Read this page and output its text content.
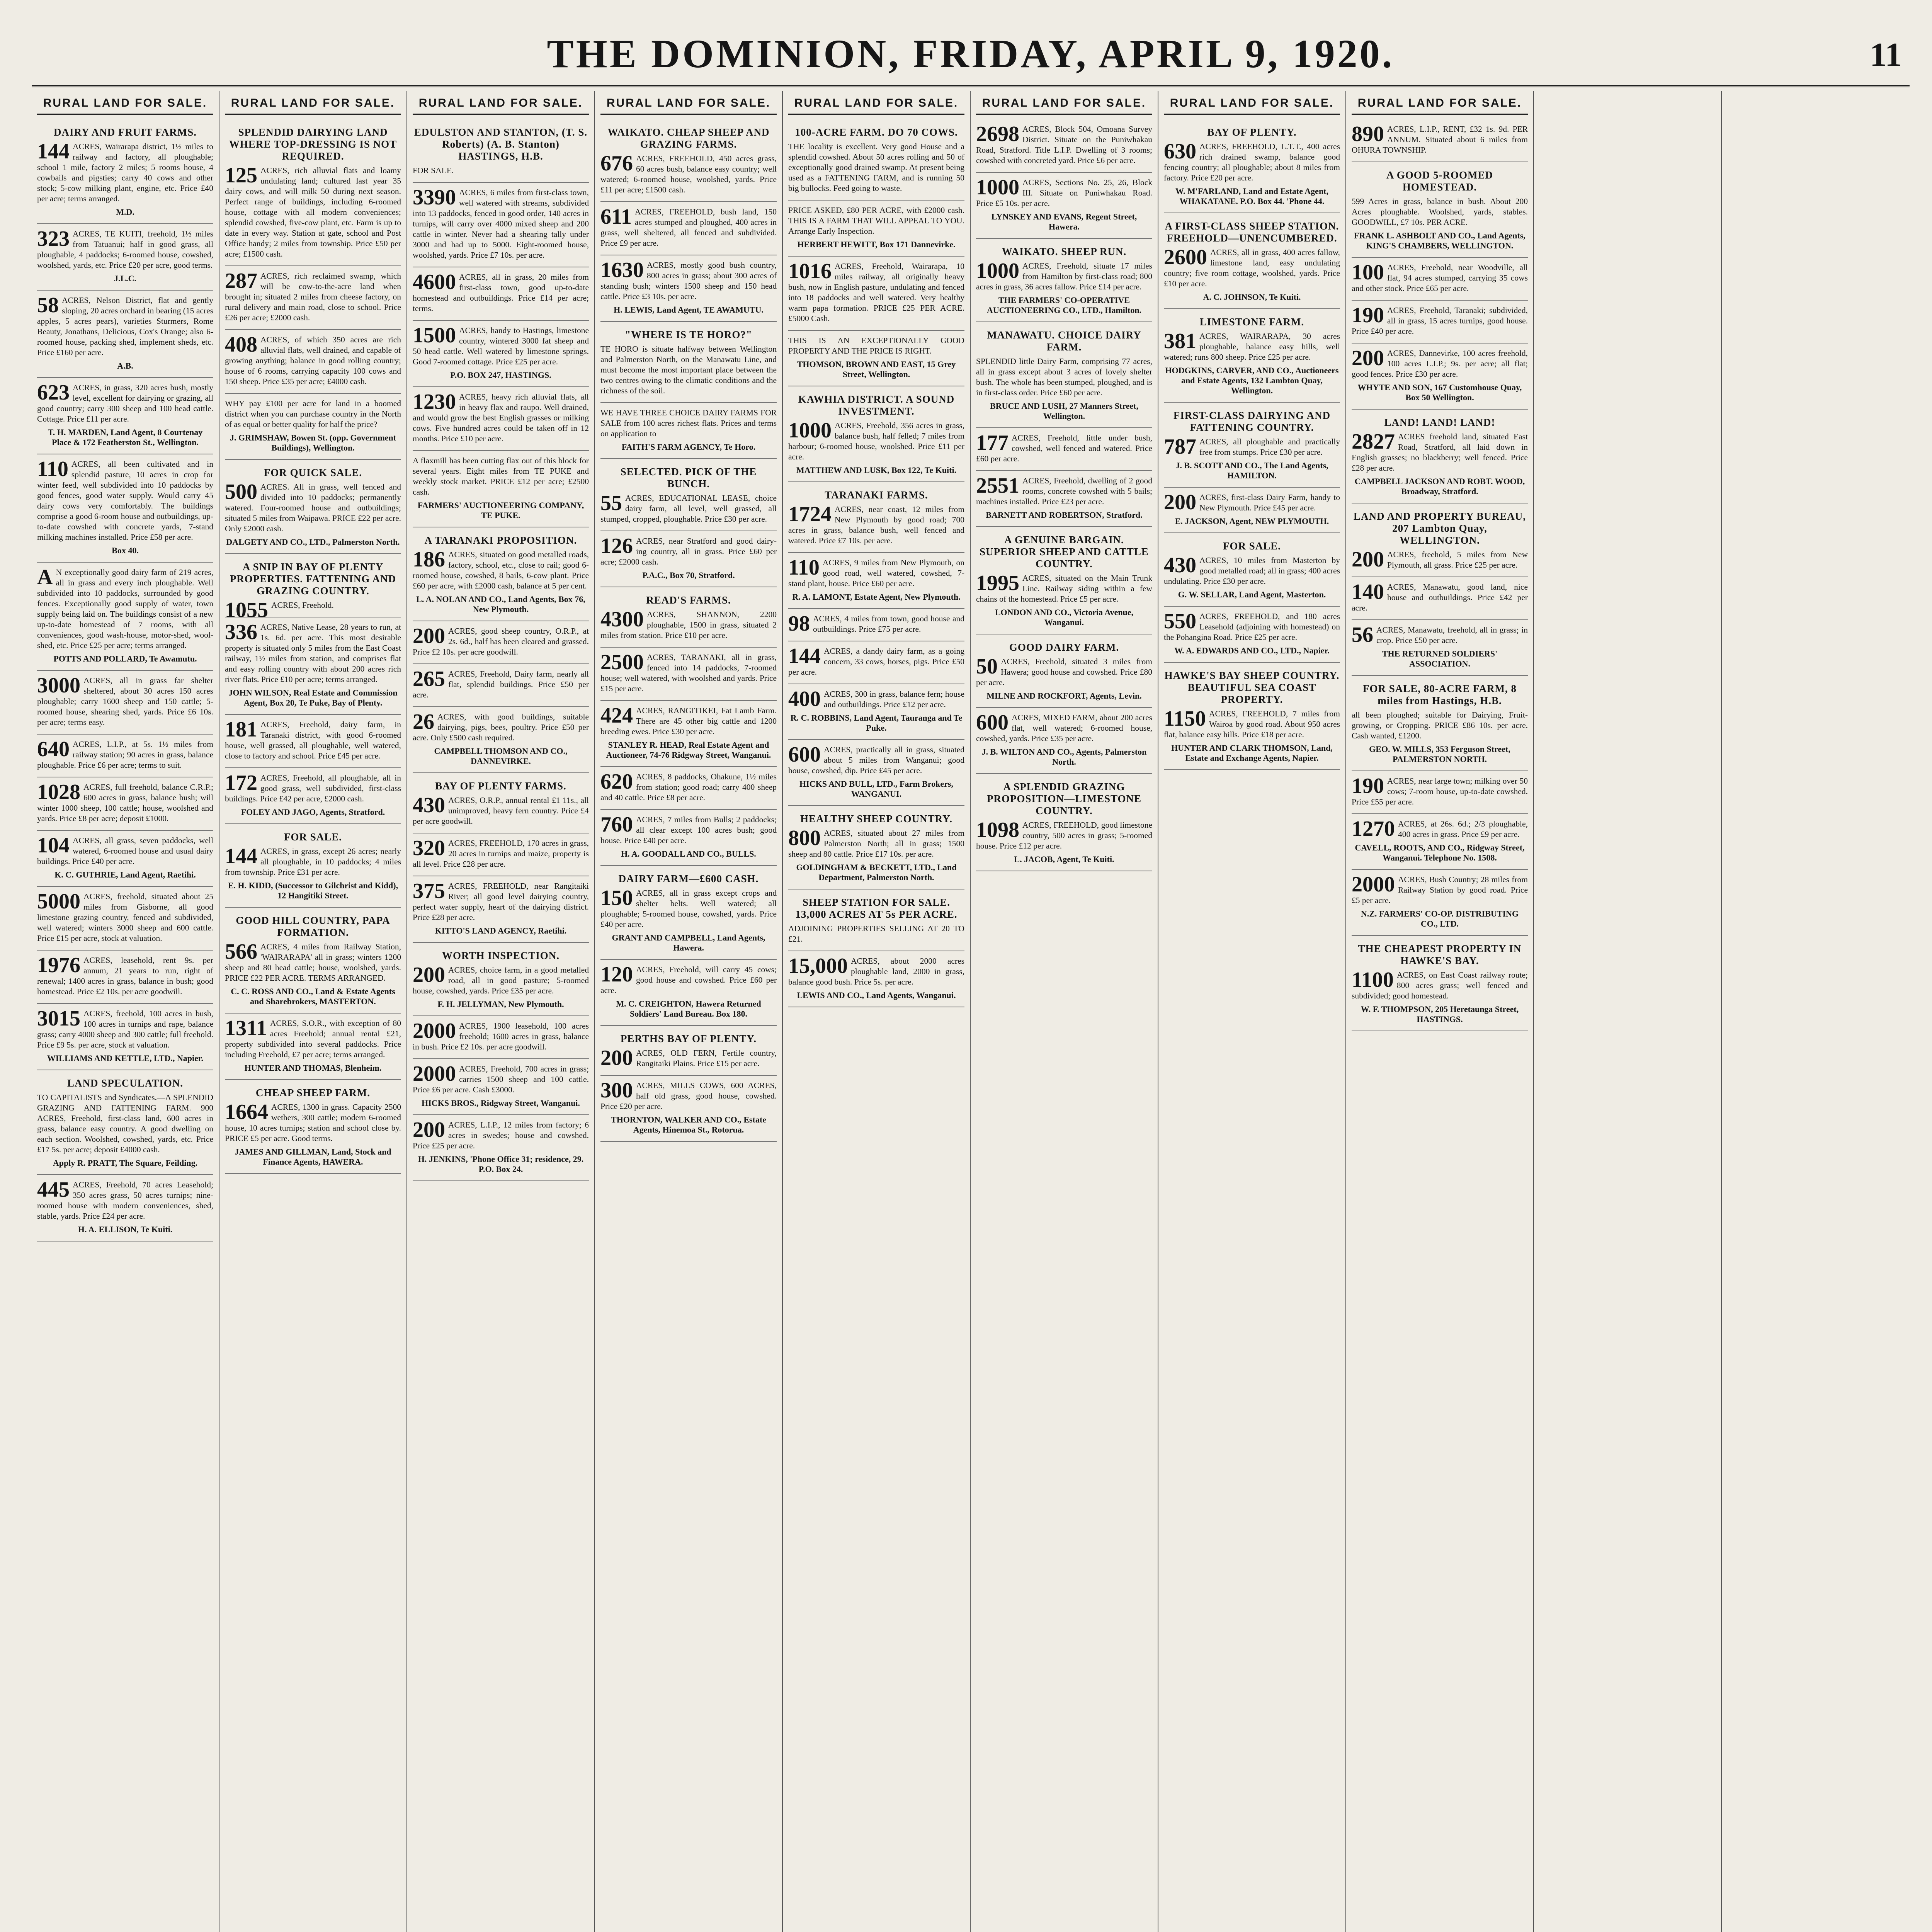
THE DOMINION, FRIDAY, APRIL 9, 1920.	11
RURAL LAND FOR SALE.
DAIRY AND FRUIT FARMS.
144 ACRES, Wairarapa district, 1½ miles to railway and factory, all ploughable; school 1 mile, factory 2 miles; 5 rooms house, 4 cowbails and pigsties; carry 40 cows and other stock; 5-cow milking plant, engine, etc. Price £40 per acre; terms arranged.
M.D.
323 ACRES, TE KUITI, freehold, 1½ miles from Tatuanui; half in good grass, all ploughable, 4 paddocks; 6-roomed house, cowshed, woolshed, yards, etc. Price £20 per acre, good terms.
J.L.C.
58 ACRES, Nelson District, flat and gently sloping, 20 acres orchard in bearing (15 acres apples, 5 acres pears), varieties Sturmers, Rome Beauty, Jonathans, Delicious, Cox's Orange; also 6-roomed house, packing shed, implement sheds, etc. Price £160 per acre.
A.B.
623 ACRES, in grass, 320 acres bush, mostly level, excellent for dairying or grazing, all good country; carry 300 sheep and 100 head cattle. Cottage. Price £11 per acre.
T. H. MARDEN, Land Agent, 8 Courtenay Place & 172 Featherston St., Wellington.
110 ACRES, all been cultivated and in splendid pasture, 10 acres in crop for winter feed, well subdivided into 10 paddocks by good fences, good water supply. Would carry 45 dairy cows very comfortably. The buildings comprise a good 6-room house and outbuildings, up-to-date cowshed with concrete yards, 7-stand milking machines installed. Price £58 per acre.
Box 40.
A N exceptionally good dairy farm of 219 acres, all in grass and every inch ploughable. Well subdivided into 10 paddocks, surrounded by good fences. Exceptionally good supply of water, town supply being laid on. The buildings consist of a new up-to-date homestead of 7 rooms, with all conveniences, good wash-house, motor-shed, wool-shed, etc. Price £25 per acre; terms arranged.
POTTS AND POLLARD, Te Awamutu.
3000 ACRES, all in grass far shelter sheltered, about 30 acres 150 acres ploughable; carry 1600 sheep and 150 cattle; 5-roomed house, shearing shed, yards. Price £6 10s. per acre; terms easy.
640 ACRES, L.I.P., at 5s. 1½ miles from railway station; 90 acres in grass, balance ploughable. Price £6 per acre; terms to suit.
1028 ACRES, full freehold, balance C.R.P.; 600 acres in grass, balance bush; will winter 1000 sheep, 100 cattle; house, woolshed and yards. Price £8 per acre; deposit £1000.
104 ACRES, all grass, seven paddocks, well watered, 6-roomed house and usual dairy buildings. Price £40 per acre.
K. C. GUTHRIE, Land Agent, Raetihi.
5000 ACRES, freehold, situated about 25 miles from Gisborne, all good limestone grazing country, fenced and subdivided, well watered; winters 3000 sheep and 600 cattle. Price £15 per acre, stock at valuation.
1976 ACRES, leasehold, rent 9s. per annum, 21 years to run, right of renewal; 1400 acres in grass, balance in bush; good homestead. Price £2 10s. per acre goodwill.
3015 ACRES, freehold, 100 acres in bush, 100 acres in turnips and rape, balance grass; carry 4000 sheep and 300 cattle; full freehold. Price £9 5s. per acre, stock at valuation.
WILLIAMS AND KETTLE, LTD., Napier.
LAND SPECULATION.
TO CAPITALISTS and Syndicates.—A SPLENDID GRAZING AND FATTENING FARM. 900 ACRES, Freehold, first-class land, 600 acres in grass, balance easy country. A good dwelling on each section. Woolshed, cowshed, yards, etc. Price £17 5s. per acre; deposit £4000 cash.
Apply R. PRATT, The Square, Feilding.
445 ACRES, Freehold, 70 acres Leasehold; 350 acres grass, 50 acres turnips; nine-roomed house with modern conveniences, shed, stable, yards. Price £24 per acre.
H. A. ELLISON, Te Kuiti.
RURAL LAND FOR SALE.
SPLENDID DAIRYING LAND WHERE TOP-DRESSING IS NOT REQUIRED.
125 ACRES, rich alluvial flats and loamy undulating land; cultured last year 35 dairy cows, and will milk 50 during next season. Perfect range of buildings, including 6-roomed house, cottage with all modern conveniences; splendid cowshed, five-cow plant, etc. Farm is up to date in every way. Station at gate, school and Post Office handy; 2 miles from township. Price £50 per acre; £1500 cash.
287 ACRES, rich reclaimed swamp, which will be cow-to-the-acre land when brought in; situated 2 miles from cheese factory, on rural delivery and main road, close to school. Price £26 per acre; £2000 cash.
408 ACRES, of which 350 acres are rich alluvial flats, well drained, and capable of growing anything; balance in good rolling country; house of 6 rooms, carrying capacity 100 cows and 150 sheep. Price £35 per acre; £4000 cash.
WHY pay £100 per acre for land in a boomed district when you can purchase country in the North of as equal or better quality for half the price?
J. GRIMSHAW, Bowen St. (opp. Government Buildings), Wellington.
FOR QUICK SALE.
500 ACRES. All in grass, well fenced and divided into 10 paddocks; permanently watered. Four-roomed house and outbuildings; situated 5 miles from Waipawa. PRICE £22 per acre. Only £2000 cash.
DALGETY AND CO., LTD., Palmerston North.
A SNIP IN BAY OF PLENTY PROPERTIES. FATTENING AND GRAZING COUNTRY.
1055 ACRES, Freehold.
336 ACRES, Native Lease, 28 years to run, at 1s. 6d. per acre. This most desirable property is situated only 5 miles from the East Coast railway, 1½ miles from station, and comprises flat and easy rolling country with about 200 acres rich river flats. Price £10 per acre; terms arranged.
JOHN WILSON, Real Estate and Commission Agent, Box 20, Te Puke, Bay of Plenty.
181 ACRES, Freehold, dairy farm, in Taranaki district, with good 6-roomed house, well grassed, all ploughable, well watered, close to factory and school. Price £45 per acre.
172 ACRES, Freehold, all ploughable, all in good grass, well subdivided, first-class buildings. Price £42 per acre, £2000 cash.
FOLEY AND JAGO, Agents, Stratford.
FOR SALE.
144 ACRES, in grass, except 26 acres; nearly all ploughable, in 10 paddocks; 4 miles from township. Price £31 per acre.
E. H. KIDD, (Successor to Gilchrist and Kidd), 12 Hangitiki Street.
GOOD HILL COUNTRY, PAPA FORMATION.
566 ACRES, 4 miles from Railway Station, 'WAIRARAPA' all in grass; winters 1200 sheep and 80 head cattle; house, woolshed, yards. PRICE £22 PER ACRE. TERMS ARRANGED.
C. C. ROSS AND CO., Land & Estate Agents and Sharebrokers, MASTERTON.
1311 ACRES, S.O.R., with exception of 80 acres Freehold; annual rental £21, property subdivided into several paddocks. Price including Freehold, £7 per acre; terms arranged.
HUNTER AND THOMAS, Blenheim.
CHEAP SHEEP FARM.
1664 ACRES, 1300 in grass. Capacity 2500 wethers, 300 cattle; modern 6-roomed house, 10 acres turnips; station and school close by. PRICE £5 per acre. Good terms.
JAMES AND GILLMAN, Land, Stock and Finance Agents, HAWERA.
RURAL LAND FOR SALE.
EDULSTON AND STANTON, (T. S. Roberts) (A. B. Stanton) HASTINGS, H.B.
FOR SALE.
3390 ACRES, 6 miles from first-class town, well watered with streams, subdivided into 13 paddocks, fenced in good order, 140 acres in turnips, will carry over 4000 mixed sheep and 200 cattle in winter. Never had a shearing tally under 3000 and had up to 5000. Eight-roomed house, woolshed, yards. Price £7 10s. per acre.
4600 ACRES, all in grass, 20 miles from first-class town, good up-to-date homestead and outbuildings. Price £14 per acre; terms.
1500 ACRES, handy to Hastings, limestone country, wintered 3000 fat sheep and 50 head cattle. Well watered by limestone springs. Good 7-roomed cottage. Price £25 per acre.
P.O. BOX 247, HASTINGS.
1230 ACRES, heavy rich alluvial flats, all in heavy flax and raupo. Well drained, and would grow the best English grasses or milking cows. Five hundred acres could be taken off in 12 months. Price £10 per acre.
A flaxmill has been cutting flax out of this block for several years. Eight miles from TE PUKE and weekly stock market. PRICE £12 per acre; £2500 cash.
FARMERS' AUCTIONEERING COMPANY, TE PUKE.
A TARANAKI PROPOSITION.
186 ACRES, situated on good metalled roads, factory, school, etc., close to rail; good 6-roomed house, cowshed, 8 bails, 6-cow plant. Price £60 per acre, with £2000 cash, balance at 5 per cent.
L. A. NOLAN AND CO., Land Agents, Box 76, New Plymouth.
200 ACRES, good sheep country, O.R.P., at 2s. 6d., half has been cleared and grassed. Price £2 10s. per acre goodwill.
265 ACRES, Freehold, Dairy farm, nearly all flat, splendid buildings. Price £50 per acre.
26 ACRES, with good buildings, suitable dairying, pigs, bees, poultry. Price £50 per acre. Only £500 cash required.
CAMPBELL THOMSON AND CO., DANNEVIRKE.
BAY OF PLENTY FARMS.
430 ACRES, O.R.P., annual rental £1 11s., all unimproved, heavy fern country. Price £4 per acre goodwill.
320 ACRES, FREEHOLD, 170 acres in grass, 20 acres in turnips and maize, property is all level. Price £28 per acre.
375 ACRES, FREEHOLD, near Rangitaiki River; all good level dairying country, perfect water supply, heart of the dairying district. Price £28 per acre.
KITTO'S LAND AGENCY, Raetihi.
WORTH INSPECTION.
200 ACRES, choice farm, in a good metalled road, all in good pasture; 5-roomed house, cowshed, yards. Price £35 per acre.
F. H. JELLYMAN, New Plymouth.
2000 ACRES, 1900 leasehold, 100 acres freehold; 1600 acres in grass, balance in bush. Price £2 10s. per acre goodwill.
2000 ACRES, Freehold, 700 acres in grass; carries 1500 sheep and 100 cattle. Price £6 per acre. Cash £3000.
HICKS BROS., Ridgway Street, Wanganui.
200 ACRES, L.I.P., 12 miles from factory; 6 acres in swedes; house and cowshed. Price £25 per acre.
H. JENKINS, 'Phone Office 31; residence, 29. P.O. Box 24.
RURAL LAND FOR SALE.
WAIKATO. CHEAP SHEEP AND GRAZING FARMS.
676 ACRES, FREEHOLD, 450 acres grass, 60 acres bush, balance easy country; well watered; 6-roomed house, woolshed, yards. Price £11 per acre; £1500 cash.
611 ACRES, FREEHOLD, bush land, 150 acres stumped and ploughed, 400 acres in grass, well sheltered, all fenced and subdivided. Price £9 per acre.
1630 ACRES, mostly good bush country, 800 acres in grass; about 300 acres of standing bush; winters 1500 sheep and 150 head cattle. Price £3 10s. per acre.
H. LEWIS, Land Agent, TE AWAMUTU.
"WHERE IS TE HORO?"
TE HORO is situate halfway between Wellington and Palmerston North, on the Manawatu Line, and must become the most important place between the two centres owing to the climatic conditions and the richness of the soil.
WE HAVE THREE CHOICE DAIRY FARMS FOR SALE from 100 acres richest flats. Prices and terms on application to
FAITH'S FARM AGENCY, Te Horo.
SELECTED. PICK OF THE BUNCH.
55 ACRES, EDUCATIONAL LEASE, choice dairy farm, all level, well grassed, all stumped, cropped, ploughable. Price £30 per acre.
126 ACRES, near Stratford and good dairy-ing country, all in grass. Price £60 per acre; £2000 cash.
P.A.C., Box 70, Stratford.
READ'S FARMS.
4300 ACRES, SHANNON, 2200 ploughable, 1500 in grass, situated 2 miles from station. Price £10 per acre.
2500 ACRES, TARANAKI, all in grass, fenced into 14 paddocks, 7-roomed house; well watered, with woolshed and yards. Price £15 per acre.
424 ACRES, RANGITIKEI, Fat Lamb Farm. There are 45 other big cattle and 1200 breeding ewes. Price £30 per acre.
STANLEY R. HEAD, Real Estate Agent and Auctioneer, 74-76 Ridgway Street, Wanganui.
620 ACRES, 8 paddocks, Ohakune, 1½ miles from station; good road; carry 400 sheep and 40 cattle. Price £8 per acre.
760 ACRES, 7 miles from Bulls; 2 paddocks; all clear except 100 acres bush; good house. Price £40 per acre.
H. A. GOODALL AND CO., BULLS.
DAIRY FARM—£600 CASH.
150 ACRES, all in grass except crops and shelter belts. Well watered; all ploughable; 5-roomed house, cowshed, yards. Price £40 per acre.
GRANT AND CAMPBELL, Land Agents, Hawera.
120 ACRES, Freehold, will carry 45 cows; good house and cowshed. Price £60 per acre.
M. C. CREIGHTON, Hawera Returned Soldiers' Land Bureau. Box 180.
PERTHS BAY OF PLENTY.
200 ACRES, OLD FERN, Fertile country, Rangitaiki Plains. Price £15 per acre.
300 ACRES, MILLS COWS, 600 ACRES, half old grass, good house, cowshed. Price £20 per acre.
THORNTON, WALKER AND CO., Estate Agents, Hinemoa St., Rotorua.
RURAL LAND FOR SALE.
100-ACRE FARM. DO 70 COWS.
THE locality is excellent. Very good House and a splendid cowshed. About 50 acres rolling and 50 of exceptionally good drained swamp. At present being used as a FATTENING FARM, and is running 50 big bullocks. Feed going to waste.
PRICE ASKED, £80 PER ACRE, with £2000 cash. THIS IS A FARM THAT WILL APPEAL TO YOU. Arrange Early Inspection.
HERBERT HEWITT, Box 171 Dannevirke.
1016 ACRES, Freehold, Wairarapa, 10 miles railway, all originally heavy bush, now in English pasture, undulating and fenced into 18 paddocks and well watered. Very healthy warm papa formation. PRICE £25 PER ACRE. £5000 Cash.
THIS IS AN EXCEPTIONALLY GOOD PROPERTY AND THE PRICE IS RIGHT.
THOMSON, BROWN AND EAST, 15 Grey Street, Wellington.
KAWHIA DISTRICT. A SOUND INVESTMENT.
1000 ACRES, Freehold, 356 acres in grass, balance bush, half felled; 7 miles from harbour; 6-roomed house, woolshed. Price £11 per acre.
MATTHEW AND LUSK, Box 122, Te Kuiti.
TARANAKI FARMS.
1724 ACRES, near coast, 12 miles from New Plymouth by good road; 700 acres in grass, balance bush, well fenced and watered. Price £7 10s. per acre.
110 ACRES, 9 miles from New Plymouth, on good road, well watered, cowshed, 7-stand plant, house. Price £60 per acre.
R. A. LAMONT, Estate Agent, New Plymouth.
98 ACRES, 4 miles from town, good house and outbuildings. Price £75 per acre.
144 ACRES, a dandy dairy farm, as a going concern, 33 cows, horses, pigs. Price £50 per acre.
400 ACRES, 300 in grass, balance fern; house and outbuildings. Price £12 per acre.
R. C. ROBBINS, Land Agent, Tauranga and Te Puke.
600 ACRES, practically all in grass, situated about 5 miles from Wanganui; good house, cowshed, dip. Price £45 per acre.
HICKS AND BULL, LTD., Farm Brokers, WANGANUI.
HEALTHY SHEEP COUNTRY.
800 ACRES, situated about 27 miles from Palmerston North; all in grass; 1500 sheep and 80 cattle. Price £17 10s. per acre.
GOLDINGHAM & BECKETT, LTD., Land Department, Palmerston North.
SHEEP STATION FOR SALE. 13,000 ACRES AT 5s PER ACRE.
ADJOINING PROPERTIES SELLING AT 20 TO £21.
15,000 ACRES, about 2000 acres ploughable land, 2000 in grass, balance good bush. Price 5s. per acre.
LEWIS AND CO., Land Agents, Wanganui.
RURAL LAND FOR SALE.
2698 ACRES, Block 504, Omoana Survey District. Situate on the Puniwhakau Road, Stratford. Title L.I.P. Dwelling of 3 rooms; cowshed with concreted yard. Price £6 per acre.
1000 ACRES, Sections No. 25, 26, Block III. Situate on Puniwhakau Road. Price £5 10s. per acre.
LYNSKEY AND EVANS, Regent Street, Hawera.
WAIKATO. SHEEP RUN.
1000 ACRES, Freehold, situate 17 miles from Hamilton by first-class road; 800 acres in grass, 36 acres fallow. Price £14 per acre.
THE FARMERS' CO-OPERATIVE AUCTIONEERING CO., LTD., Hamilton.
MANAWATU. CHOICE DAIRY FARM.
SPLENDID little Dairy Farm, comprising 77 acres, all in grass except about 3 acres of lovely shelter bush. The whole has been stumped, ploughed, and is in first-class order. Price £60 per acre.
BRUCE AND LUSH, 27 Manners Street, Wellington.
177 ACRES, Freehold, little under bush, cowshed, well fenced and watered. Price £60 per acre.
2551 ACRES, Freehold, dwelling of 2 good rooms, concrete cowshed with 5 bails; machines installed. Price £23 per acre.
BARNETT AND ROBERTSON, Stratford.
A GENUINE BARGAIN. SUPERIOR SHEEP AND CATTLE COUNTRY.
1995 ACRES, situated on the Main Trunk Line. Railway siding within a few chains of the homestead. Price £5 per acre.
LONDON AND CO., Victoria Avenue, Wanganui.
GOOD DAIRY FARM.
50 ACRES, Freehold, situated 3 miles from Hawera; good house and cowshed. Price £80 per acre.
MILNE AND ROCKFORT, Agents, Levin.
600 ACRES, MIXED FARM, about 200 acres flat, well watered; 6-roomed house, cowshed, yards. Price £35 per acre.
J. B. WILTON AND CO., Agents, Palmerston North.
A SPLENDID GRAZING PROPOSITION—LIMESTONE COUNTRY.
1098 ACRES, FREEHOLD, good limestone country, 500 acres in grass; 5-roomed house. Price £12 per acre.
L. JACOB, Agent, Te Kuiti.
RURAL LAND FOR SALE.
BAY OF PLENTY.
630 ACRES, FREEHOLD, L.T.T., 400 acres rich drained swamp, balance good fencing country; all ploughable; about 8 miles from factory. Price £20 per acre.
W. M'FARLAND, Land and Estate Agent, WHAKATANE. P.O. Box 44. 'Phone 44.
A FIRST-CLASS SHEEP STATION. FREEHOLD—UNENCUMBERED.
2600 ACRES, all in grass, 400 acres fallow, limestone land, easy undulating country; five room cottage, woolshed, yards. Price £10 per acre.
A. C. JOHNSON, Te Kuiti.
LIMESTONE FARM.
381 ACRES, WAIRARAPA, 30 acres ploughable, balance easy hills, well watered; runs 800 sheep. Price £25 per acre.
HODGKINS, CARVER, AND CO., Auctioneers and Estate Agents, 132 Lambton Quay, Wellington.
FIRST-CLASS DAIRYING AND FATTENING COUNTRY.
787 ACRES, all ploughable and practically free from stumps. Price £30 per acre.
J. B. SCOTT AND CO., The Land Agents, HAMILTON.
200 ACRES, first-class Dairy Farm, handy to New Plymouth. Price £45 per acre.
E. JACKSON, Agent, NEW PLYMOUTH.
FOR SALE.
430 ACRES, 10 miles from Masterton by good metalled road; all in grass; 400 acres undulating. Price £30 per acre.
G. W. SELLAR, Land Agent, Masterton.
550 ACRES, FREEHOLD, and 180 acres Leasehold (adjoining with homestead) on the Pohangina Road. Price £25 per acre.
W. A. EDWARDS AND CO., LTD., Napier.
HAWKE'S BAY SHEEP COUNTRY. BEAUTIFUL SEA COAST PROPERTY.
1150 ACRES, FREEHOLD, 7 miles from Wairoa by good road. About 950 acres flat, balance easy hills. Price £18 per acre.
HUNTER AND CLARK THOMSON, Land, Estate and Exchange Agents, Napier.
RURAL LAND FOR SALE.
890 ACRES, L.I.P., RENT, £32 1s. 9d. PER ANNUM. Situated about 6 miles from OHURA TOWNSHIP.
A GOOD 5-ROOMED HOMESTEAD.
599 Acres in grass, balance in bush. About 200 Acres ploughable. Woolshed, yards, stables. GOODWILL, £7 10s. PER ACRE.
FRANK L. ASHBOLT AND CO., Land Agents, KING'S CHAMBERS, WELLINGTON.
100 ACRES, Freehold, near Woodville, all flat, 94 acres stumped, carrying 35 cows and other stock. Price £65 per acre.
190 ACRES, Freehold, Taranaki; subdivided, all in grass, 15 acres turnips, good house. Price £40 per acre.
200 ACRES, Dannevirke, 100 acres freehold, 100 acres L.I.P.; 9s. per acre; all flat; good fences. Price £30 per acre.
WHYTE AND SON, 167 Customhouse Quay, Box 50 Wellington.
LAND! LAND! LAND!
2827 ACRES freehold land, situated East Road, Stratford, all laid down in English grasses; no blackberry; well fenced. Price £28 per acre.
CAMPBELL JACKSON AND ROBT. WOOD, Broadway, Stratford.
LAND AND PROPERTY BUREAU, 207 Lambton Quay, WELLINGTON.
200 ACRES, freehold, 5 miles from New Plymouth, all grass. Price £25 per acre.
140 ACRES, Manawatu, good land, nice house and outbuildings. Price £42 per acre.
56 ACRES, Manawatu, freehold, all in grass; in crop. Price £50 per acre.
THE RETURNED SOLDIERS' ASSOCIATION.
FOR SALE, 80-ACRE FARM, 8 miles from Hastings, H.B.
all been ploughed; suitable for Dairying, Fruit-growing, or Cropping. PRICE £86 10s. per acre. Cash wanted, £1200.
GEO. W. MILLS, 353 Ferguson Street, PALMERSTON NORTH.
190 ACRES, near large town; milking over 50 cows; 7-room house, up-to-date cowshed. Price £55 per acre.
1270 ACRES, at 26s. 6d.; 2/3 ploughable, 400 acres in grass. Price £9 per acre.
CAVELL, ROOTS, AND CO., Ridgway Street, Wanganui. Telephone No. 1508.
2000 ACRES, Bush Country; 28 miles from Railway Station by good road. Price £5 per acre.
N.Z. FARMERS' CO-OP. DISTRIBUTING CO., LTD.
THE CHEAPEST PROPERTY IN HAWKE'S BAY.
1100 ACRES, on East Coast railway route; 800 acres grass; well fenced and subdivided; good homestead.
W. F. THOMPSON, 205 Heretaunga Street, HASTINGS.
